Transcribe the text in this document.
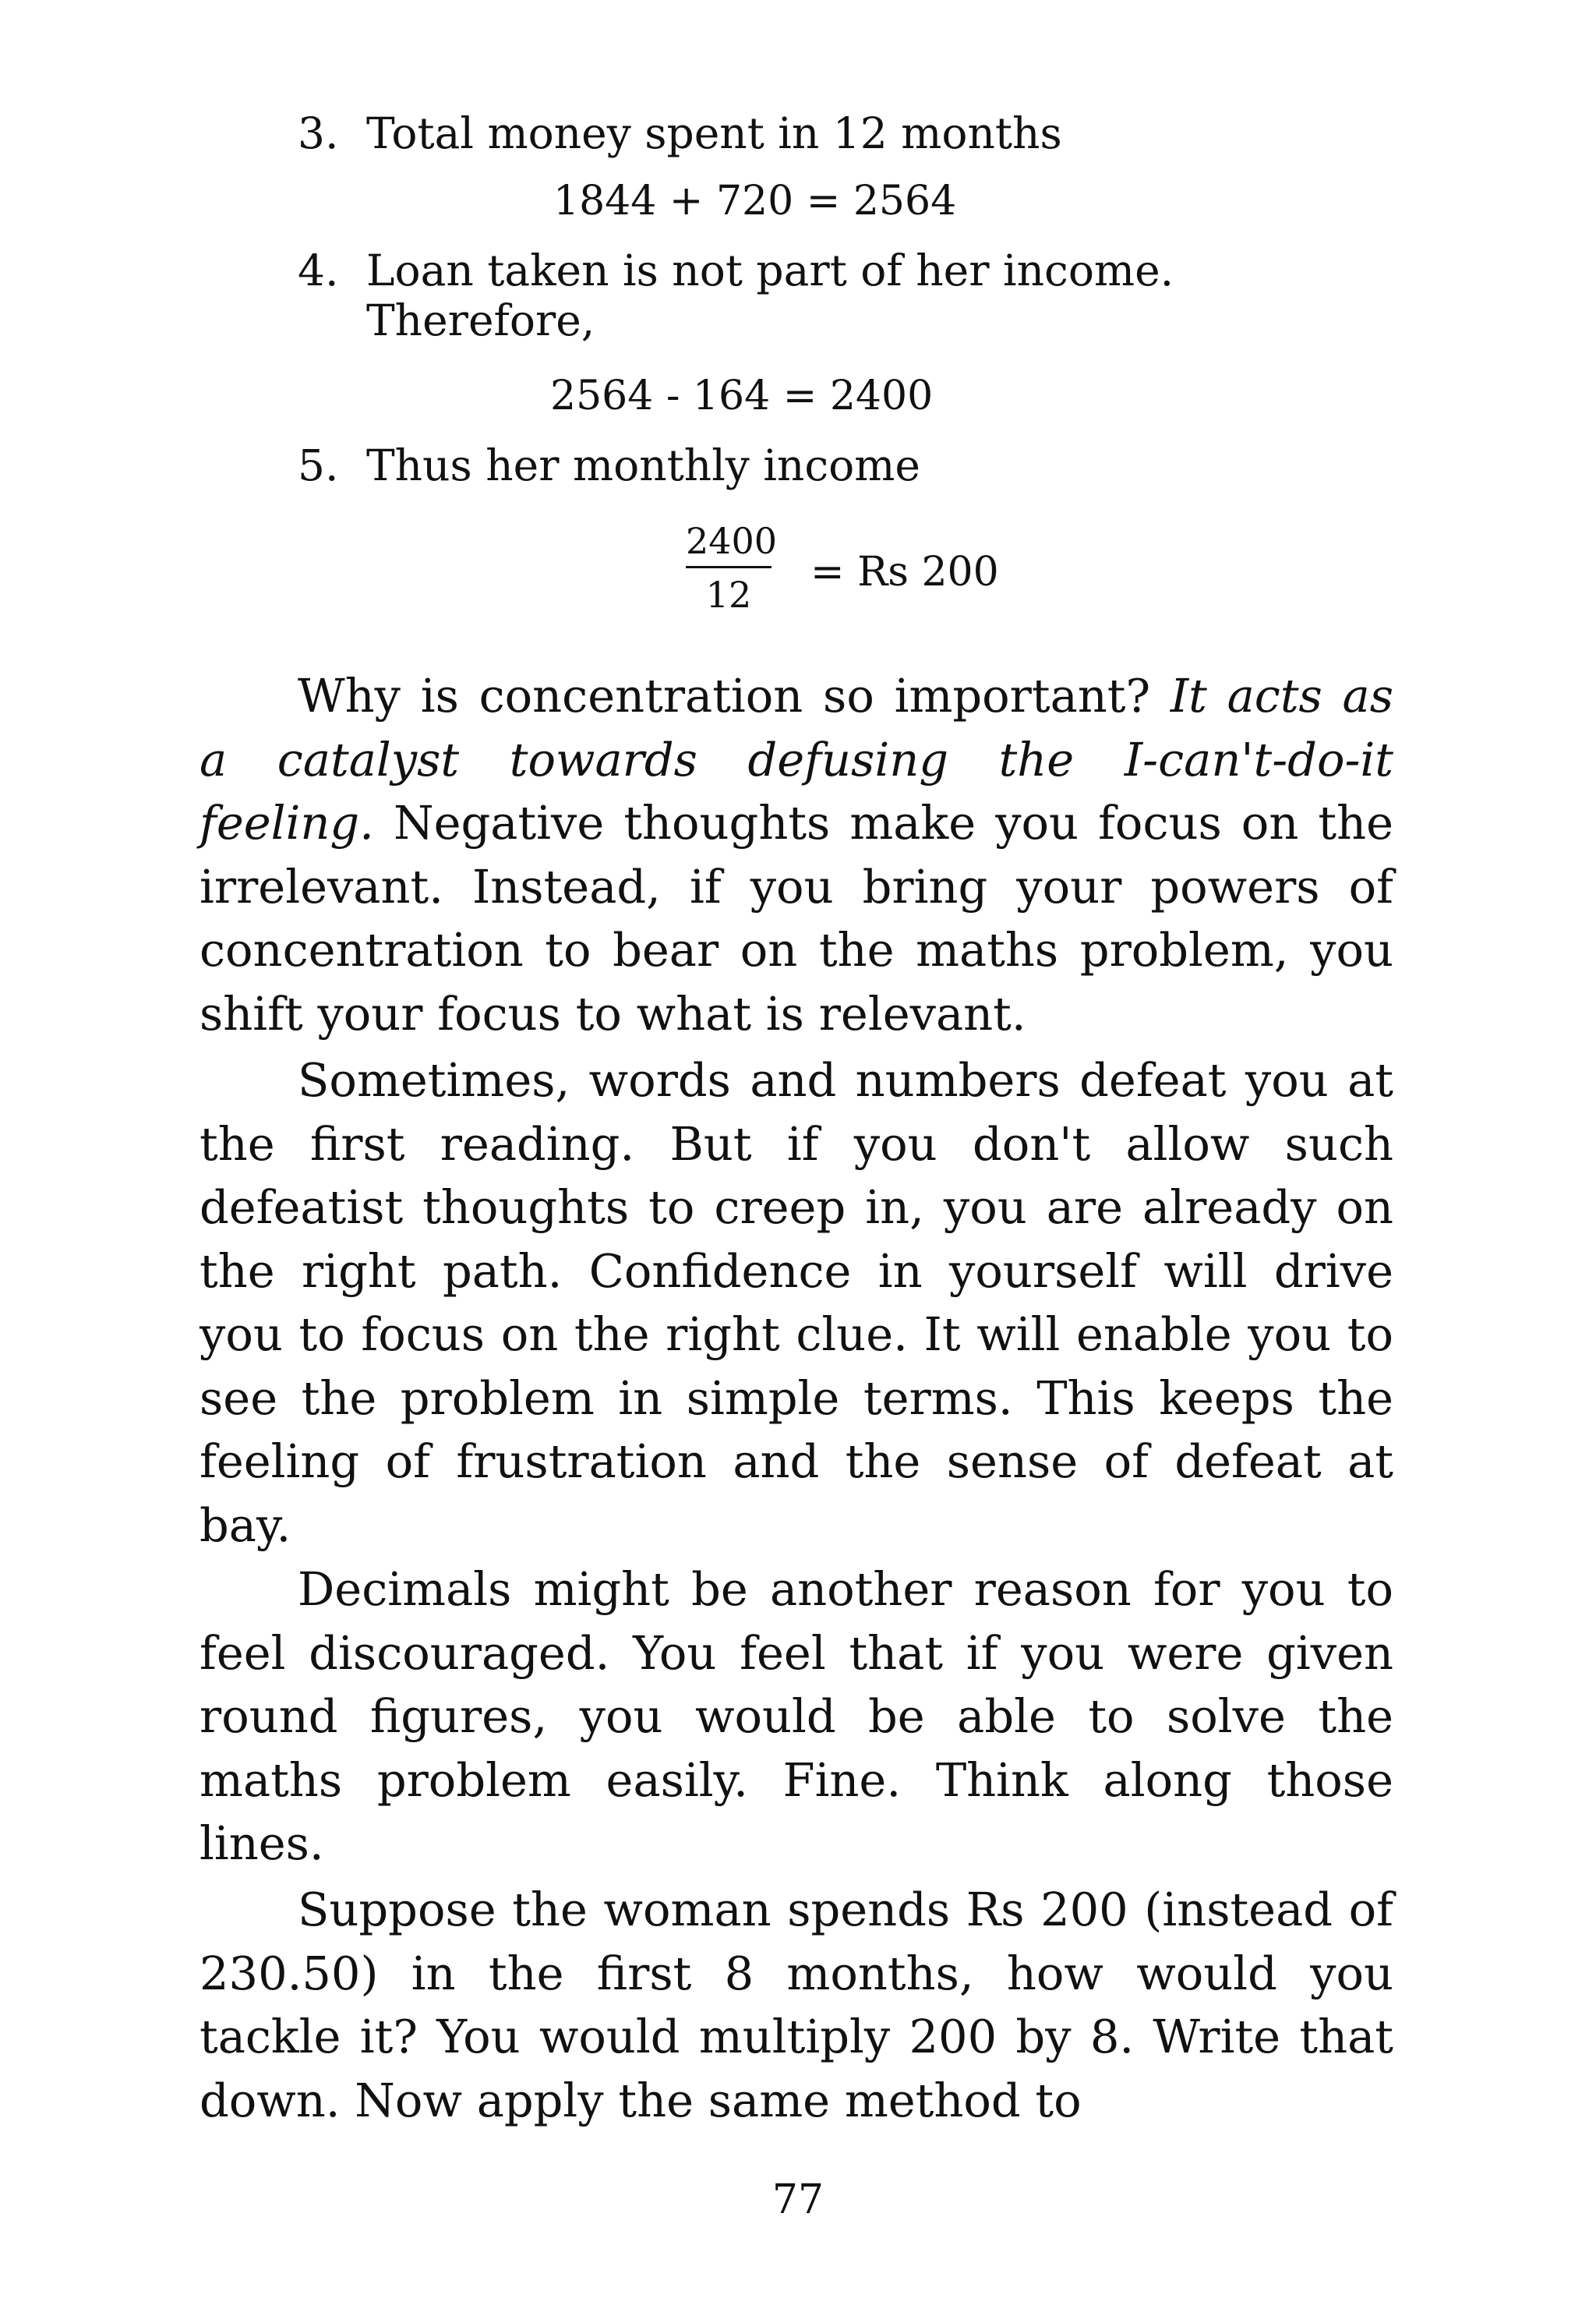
3. Total money spent in 12 months
1844 + 720 = 2564
4. Loan taken is not part of her income.
Therefore,
2564 - 164 = 2400
5. Thus her monthly income
2400
12	= Rs 200

Why is concentration so important? It acts as a catalyst towards defusing the I-can't-do-it feeling. Negative thoughts make you focus on the irrelevant. Instead, if you bring your powers of concentration to bear on the maths problem, you shift your focus to what is relevant.

Sometimes, words and numbers defeat you at the first reading. But if you don't allow such defeatist thoughts to creep in, you are already on the right path. Confidence in yourself will drive you to focus on the right clue. It will enable you to see the problem in simple terms. This keeps the feeling of frustration and the sense of defeat at bay.

Decimals might be another reason for you to feel discouraged. You feel that if you were given round figures, you would be able to solve the maths problem easily. Fine. Think along those lines.

Suppose the woman spends Rs 200 (instead of 230.50) in the first 8 months, how would you tackle it? You would multiply 200 by 8. Write that down. Now apply the same method to

77
